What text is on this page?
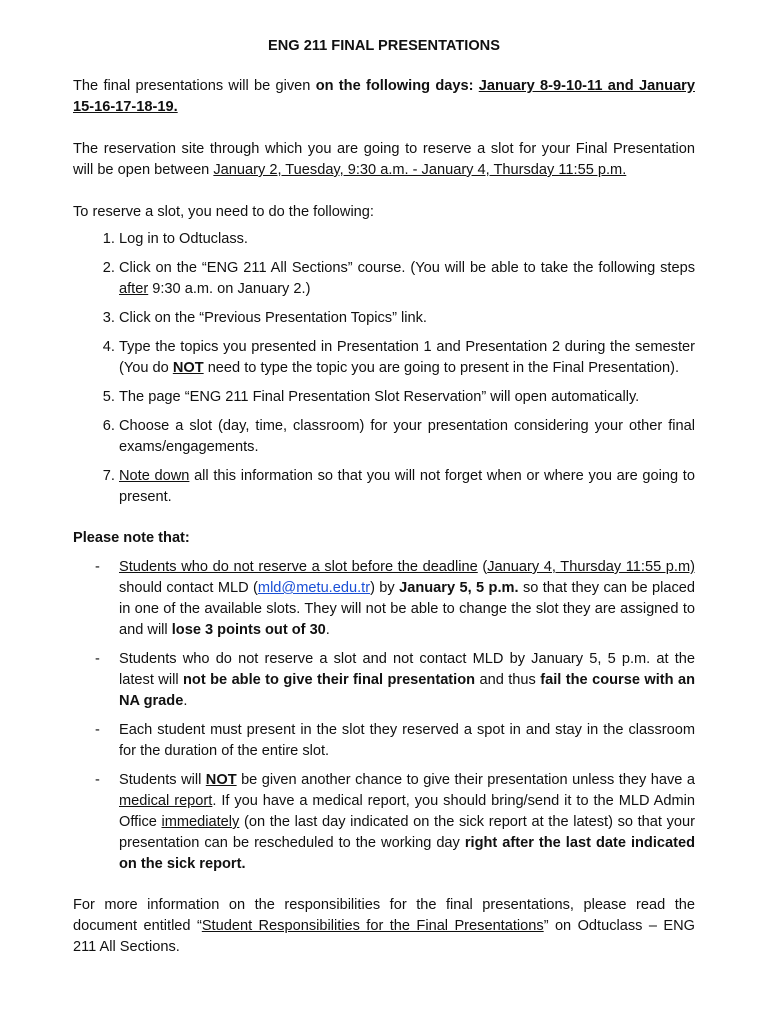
ENG 211 FINAL PRESENTATIONS

The final presentations will be given on the following days: January 8-9-10-11 and January 15-16-17-18-19.

The reservation site through which you are going to reserve a slot for your Final Presentation will be open between January 2, Tuesday, 9:30 a.m. - January 4, Thursday 11:55 p.m.

To reserve a slot, you need to do the following:

1. Log in to Odtuclass.
2. Click on the “ENG 211 All Sections” course. (You will be able to take the following steps after 9:30 a.m. on January 2.)
3. Click on the “Previous Presentation Topics” link.
4. Type the topics you presented in Presentation 1 and Presentation 2 during the semester (You do NOT need to type the topic you are going to present in the Final Presentation).
5. The page “ENG 211 Final Presentation Slot Reservation” will open automatically.
6. Choose a slot (day, time, classroom) for your presentation considering your other final exams/engagements.
7. Note down all this information so that you will not forget when or where you are going to present.

Please note that:

- Students who do not reserve a slot before the deadline (January 4, Thursday 11:55 p.m) should contact MLD (mld@metu.edu.tr) by January 5, 5 p.m. so that they can be placed in one of the available slots. They will not be able to change the slot they are assigned to and will lose 3 points out of 30.
- Students who do not reserve a slot and not contact MLD by January 5, 5 p.m. at the latest will not be able to give their final presentation and thus fail the course with an NA grade.
- Each student must present in the slot they reserved a spot in and stay in the classroom for the duration of the entire slot.
- Students will NOT be given another chance to give their presentation unless they have a medical report. If you have a medical report, you should bring/send it to the MLD Admin Office immediately (on the last day indicated on the sick report at the latest) so that your presentation can be rescheduled to the working day right after the last date indicated on the sick report.

For more information on the responsibilities for the final presentations, please read the document entitled “Student Responsibilities for the Final Presentations” on Odtuclass – ENG 211 All Sections.
